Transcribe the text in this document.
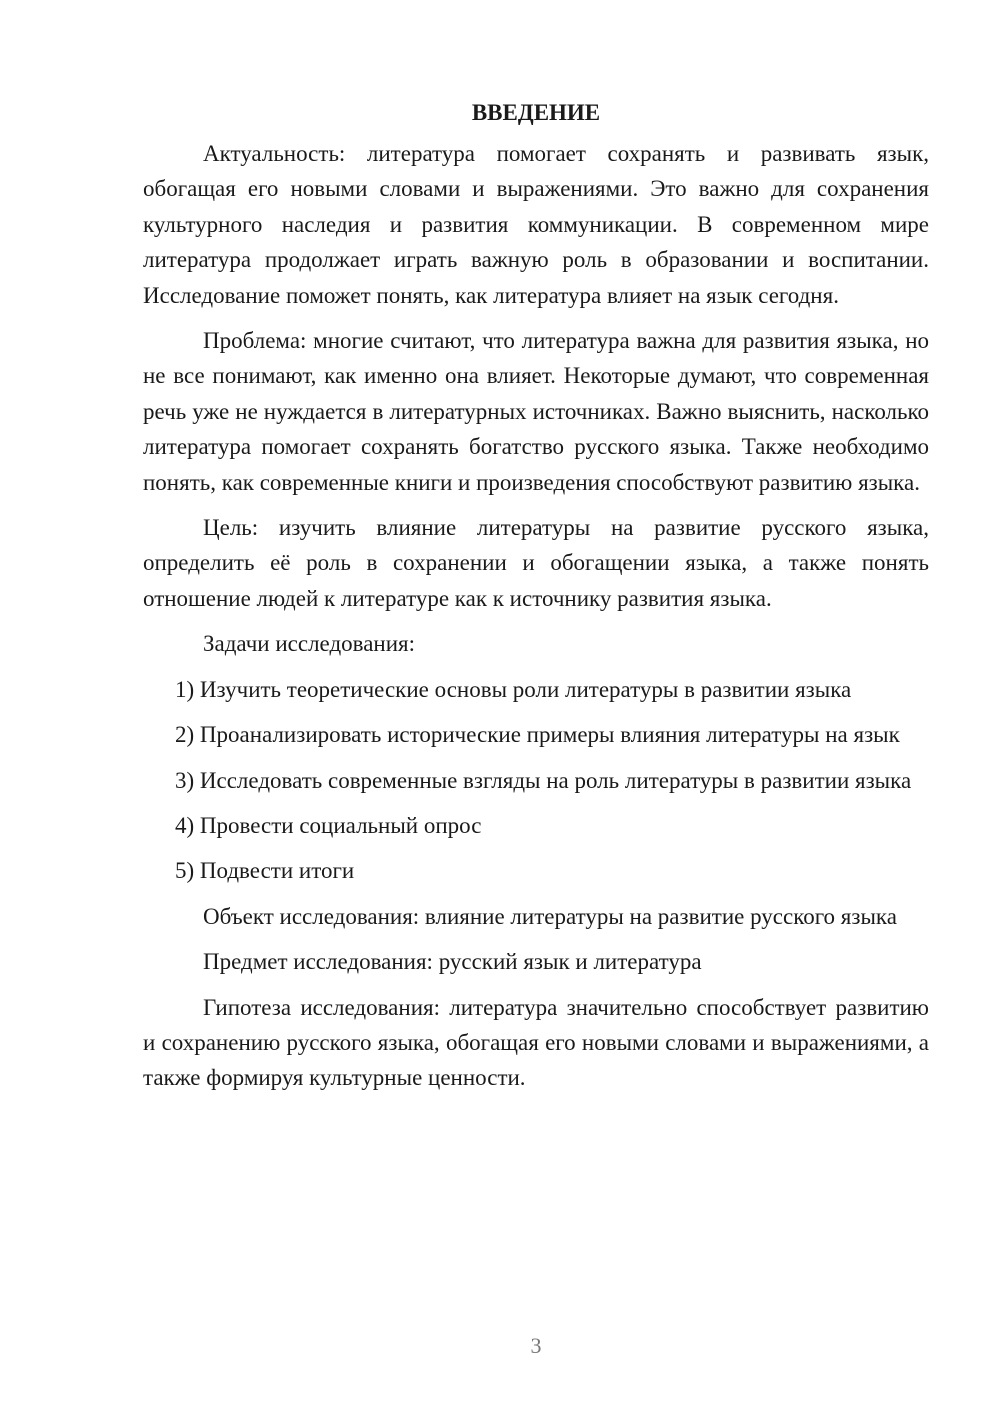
ВВЕДЕНИЕ

Актуальность: литература помогает сохранять и развивать язык, обогащая его новыми словами и выражениями. Это важно для сохранения культурного наследия и развития коммуникации. В современном мире литература продолжает играть важную роль в образовании и воспитании. Исследование поможет понять, как литература влияет на язык сегодня.

Проблема: многие считают, что литература важна для развития языка, но не все понимают, как именно она влияет. Некоторые думают, что современная речь уже не нуждается в литературных источниках. Важно выяснить, насколько литература помогает сохранять богатство русского языка. Также необходимо понять, как современные книги и произведения способствуют развитию языка.

Цель: изучить влияние литературы на развитие русского языка, определить её роль в сохранении и обогащении языка, а также понять отношение людей к литературе как к источнику развития языка.

Задачи исследования:

1) Изучить теоретические основы роли литературы в развитии языка

2) Проанализировать исторические примеры влияния литературы на язык

3) Исследовать современные взгляды на роль литературы в развитии языка

4) Провести социальный опрос

5) Подвести итоги

Объект исследования: влияние литературы на развитие русского языка

Предмет исследования: русский язык и литература

Гипотеза исследования: литература значительно способствует развитию и сохранению русского языка, обогащая его новыми словами и выражениями, а также формируя культурные ценности.

3
